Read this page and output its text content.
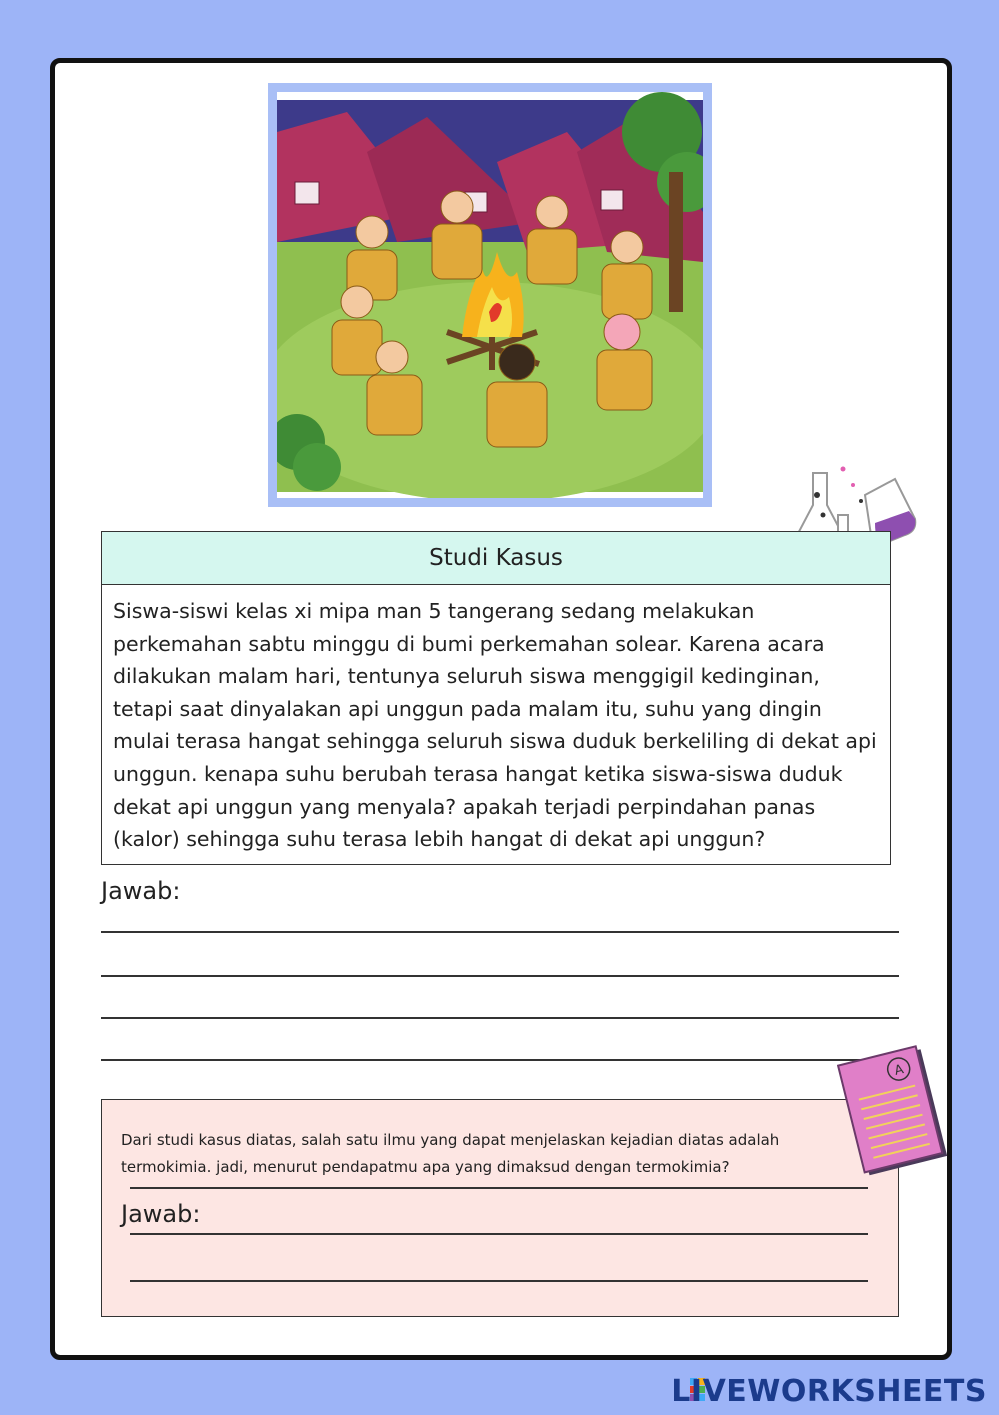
Studi Kasus
Siswa-siswi kelas xi mipa man 5 tangerang sedang melakukan perkemahan sabtu minggu di bumi perkemahan solear. Karena acara dilakukan malam hari, tentunya seluruh siswa menggigil kedinginan, tetapi saat dinyalakan api unggun pada malam itu, suhu yang dingin mulai terasa hangat sehingga seluruh siswa duduk berkeliling di dekat api unggun. kenapa suhu berubah terasa hangat ketika siswa-siswa duduk dekat api unggun yang menyala? apakah terjadi perpindahan panas (kalor) sehingga suhu terasa lebih hangat di dekat api unggun?
Jawab:
Dari studi kasus diatas, salah satu ilmu yang dapat menjelaskan kejadian diatas adalah termokimia. jadi, menurut pendapatmu apa yang dimaksud dengan termokimia?
Jawab:
A
LIVEWORKSHEETS
